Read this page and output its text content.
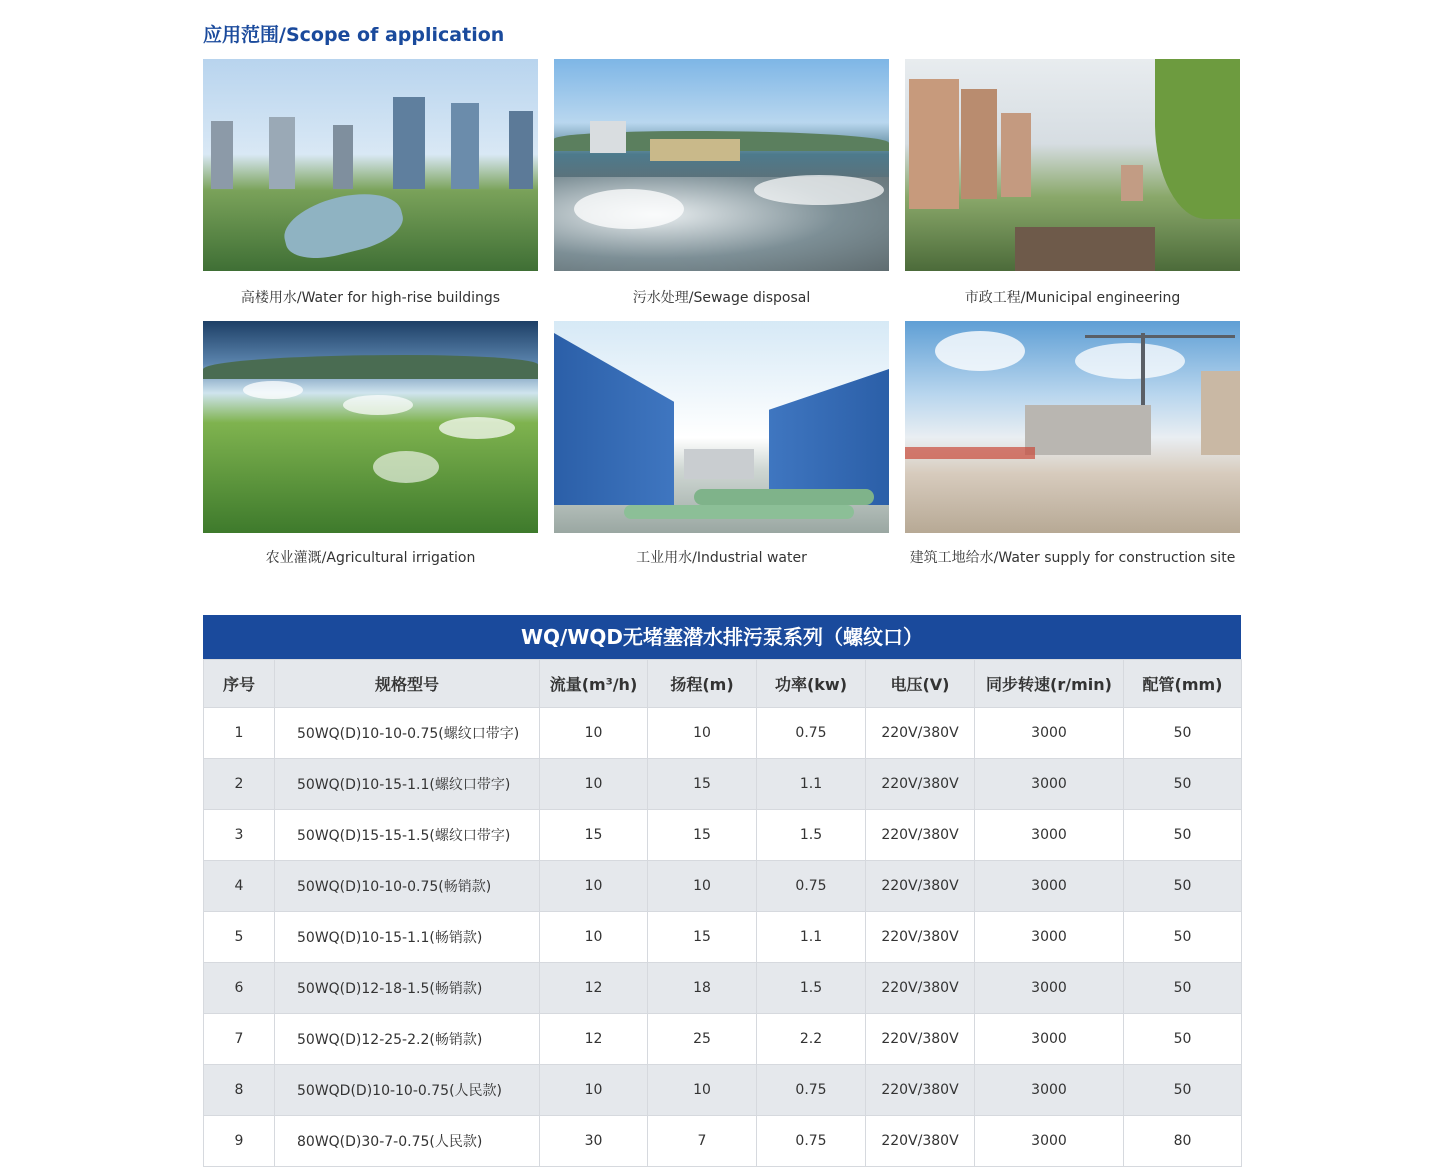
应用范围/Scope of application
高楼用水/Water for high-rise buildings	污水处理/Sewage disposal	市政工程/Municipal engineering
农业灌溉/Agricultural irrigation	工业用水/Industrial water	建筑工地给水/Water supply for construction site
WQ/WQD无堵塞潜水排污泵系列（螺纹口）
序号	规格型号	流量(m³/h)	扬程(m)	功率(kw)	电压(V)	同步转速(r/min)	配管(mm)
1	50WQ(D)10-10-0.75(螺纹口带字)	10	10	0.75	220V/380V	3000	50
2	50WQ(D)10-15-1.1(螺纹口带字)	10	15	1.1	220V/380V	3000	50
3	50WQ(D)15-15-1.5(螺纹口带字)	15	15	1.5	220V/380V	3000	50
4	50WQ(D)10-10-0.75(畅销款)	10	10	0.75	220V/380V	3000	50
5	50WQ(D)10-15-1.1(畅销款)	10	15	1.1	220V/380V	3000	50
6	50WQ(D)12-18-1.5(畅销款)	12	18	1.5	220V/380V	3000	50
7	50WQ(D)12-25-2.2(畅销款)	12	25	2.2	220V/380V	3000	50
8	50WQD(D)10-10-0.75(人民款)	10	10	0.75	220V/380V	3000	50
9	80WQ(D)30-7-0.75(人民款)	30	7	0.75	220V/380V	3000	80
